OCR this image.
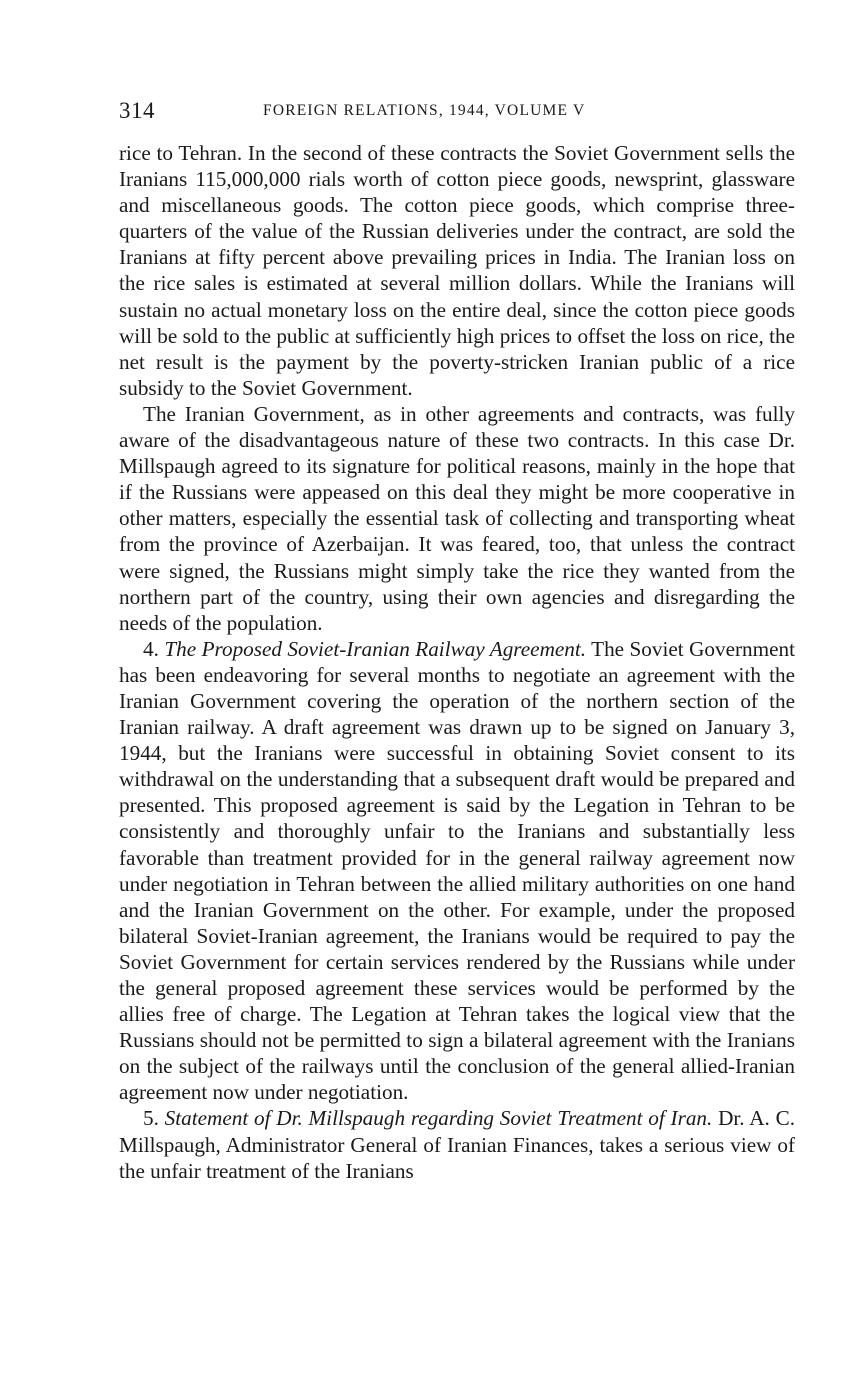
314	FOREIGN RELATIONS, 1944, VOLUME V

rice to Tehran. In the second of these contracts the Soviet Government sells the Iranians 115,000,000 rials worth of cotton piece goods, newsprint, glassware and miscellaneous goods. The cotton piece goods, which comprise three-quarters of the value of the Russian deliveries under the contract, are sold the Iranians at fifty percent above prevailing prices in India. The Iranian loss on the rice sales is estimated at several million dollars. While the Iranians will sustain no actual monetary loss on the entire deal, since the cotton piece goods will be sold to the public at sufficiently high prices to offset the loss on rice, the net result is the payment by the poverty-stricken Iranian public of a rice subsidy to the Soviet Government.

The Iranian Government, as in other agreements and contracts, was fully aware of the disadvantageous nature of these two contracts. In this case Dr. Millspaugh agreed to its signature for political reasons, mainly in the hope that if the Russians were appeased on this deal they might be more cooperative in other matters, especially the essential task of collecting and transporting wheat from the province of Azerbaijan. It was feared, too, that unless the contract were signed, the Russians might simply take the rice they wanted from the northern part of the country, using their own agencies and disregarding the needs of the population.

4. The Proposed Soviet-Iranian Railway Agreement. The Soviet Government has been endeavoring for several months to negotiate an agreement with the Iranian Government covering the operation of the northern section of the Iranian railway. A draft agreement was drawn up to be signed on January 3, 1944, but the Iranians were successful in obtaining Soviet consent to its withdrawal on the understanding that a subsequent draft would be prepared and presented. This proposed agreement is said by the Legation in Tehran to be consistently and thoroughly unfair to the Iranians and substantially less favorable than treatment provided for in the general railway agreement now under negotiation in Tehran between the allied military authorities on one hand and the Iranian Government on the other. For example, under the proposed bilateral Soviet-Iranian agreement, the Iranians would be required to pay the Soviet Government for certain services rendered by the Russians while under the general proposed agreement these services would be performed by the allies free of charge. The Legation at Tehran takes the logical view that the Russians should not be permitted to sign a bilateral agreement with the Iranians on the subject of the railways until the conclusion of the general allied-Iranian agreement now under negotiation.

5. Statement of Dr. Millspaugh regarding Soviet Treatment of Iran. Dr. A. C. Millspaugh, Administrator General of Iranian Finances, takes a serious view of the unfair treatment of the Iranians
